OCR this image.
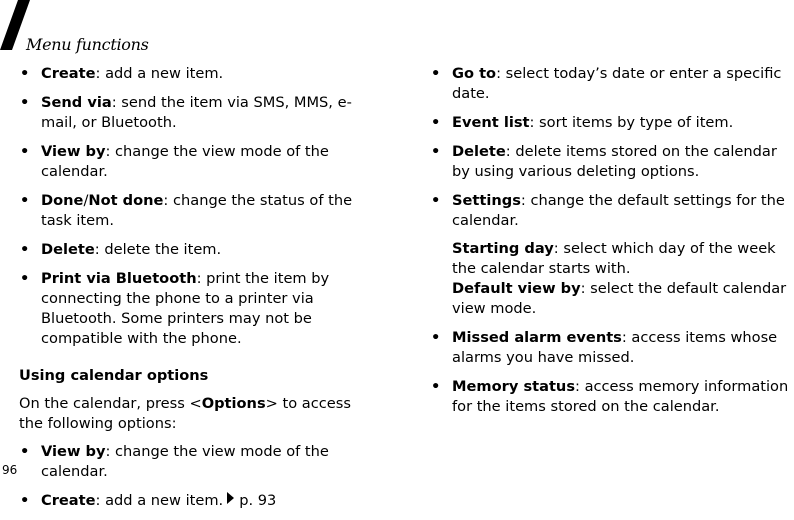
Menu functions
• Create: add a new item.
• Send via: send the item via SMS, MMS, e-mail, or Bluetooth.
• View by: change the view mode of the calendar.
• Done/Not done: change the status of the task item.
• Delete: delete the item.
• Print via Bluetooth: print the item by connecting the phone to a printer via Bluetooth. Some printers may not be compatible with the phone.
Using calendar options
On the calendar, press <Options> to access the following options:
• View by: change the view mode of the calendar.
• Create: add a new item. p. 93
• Go to: select today’s date or enter a specific date.
• Event list: sort items by type of item.
• Delete: delete items stored on the calendar by using various deleting options.
• Settings: change the default settings for the calendar.
Starting day: select which day of the week the calendar starts with.
Default view by: select the default calendar view mode.
• Missed alarm events: access items whose alarms you have missed.
• Memory status: access memory information for the items stored on the calendar.
96
